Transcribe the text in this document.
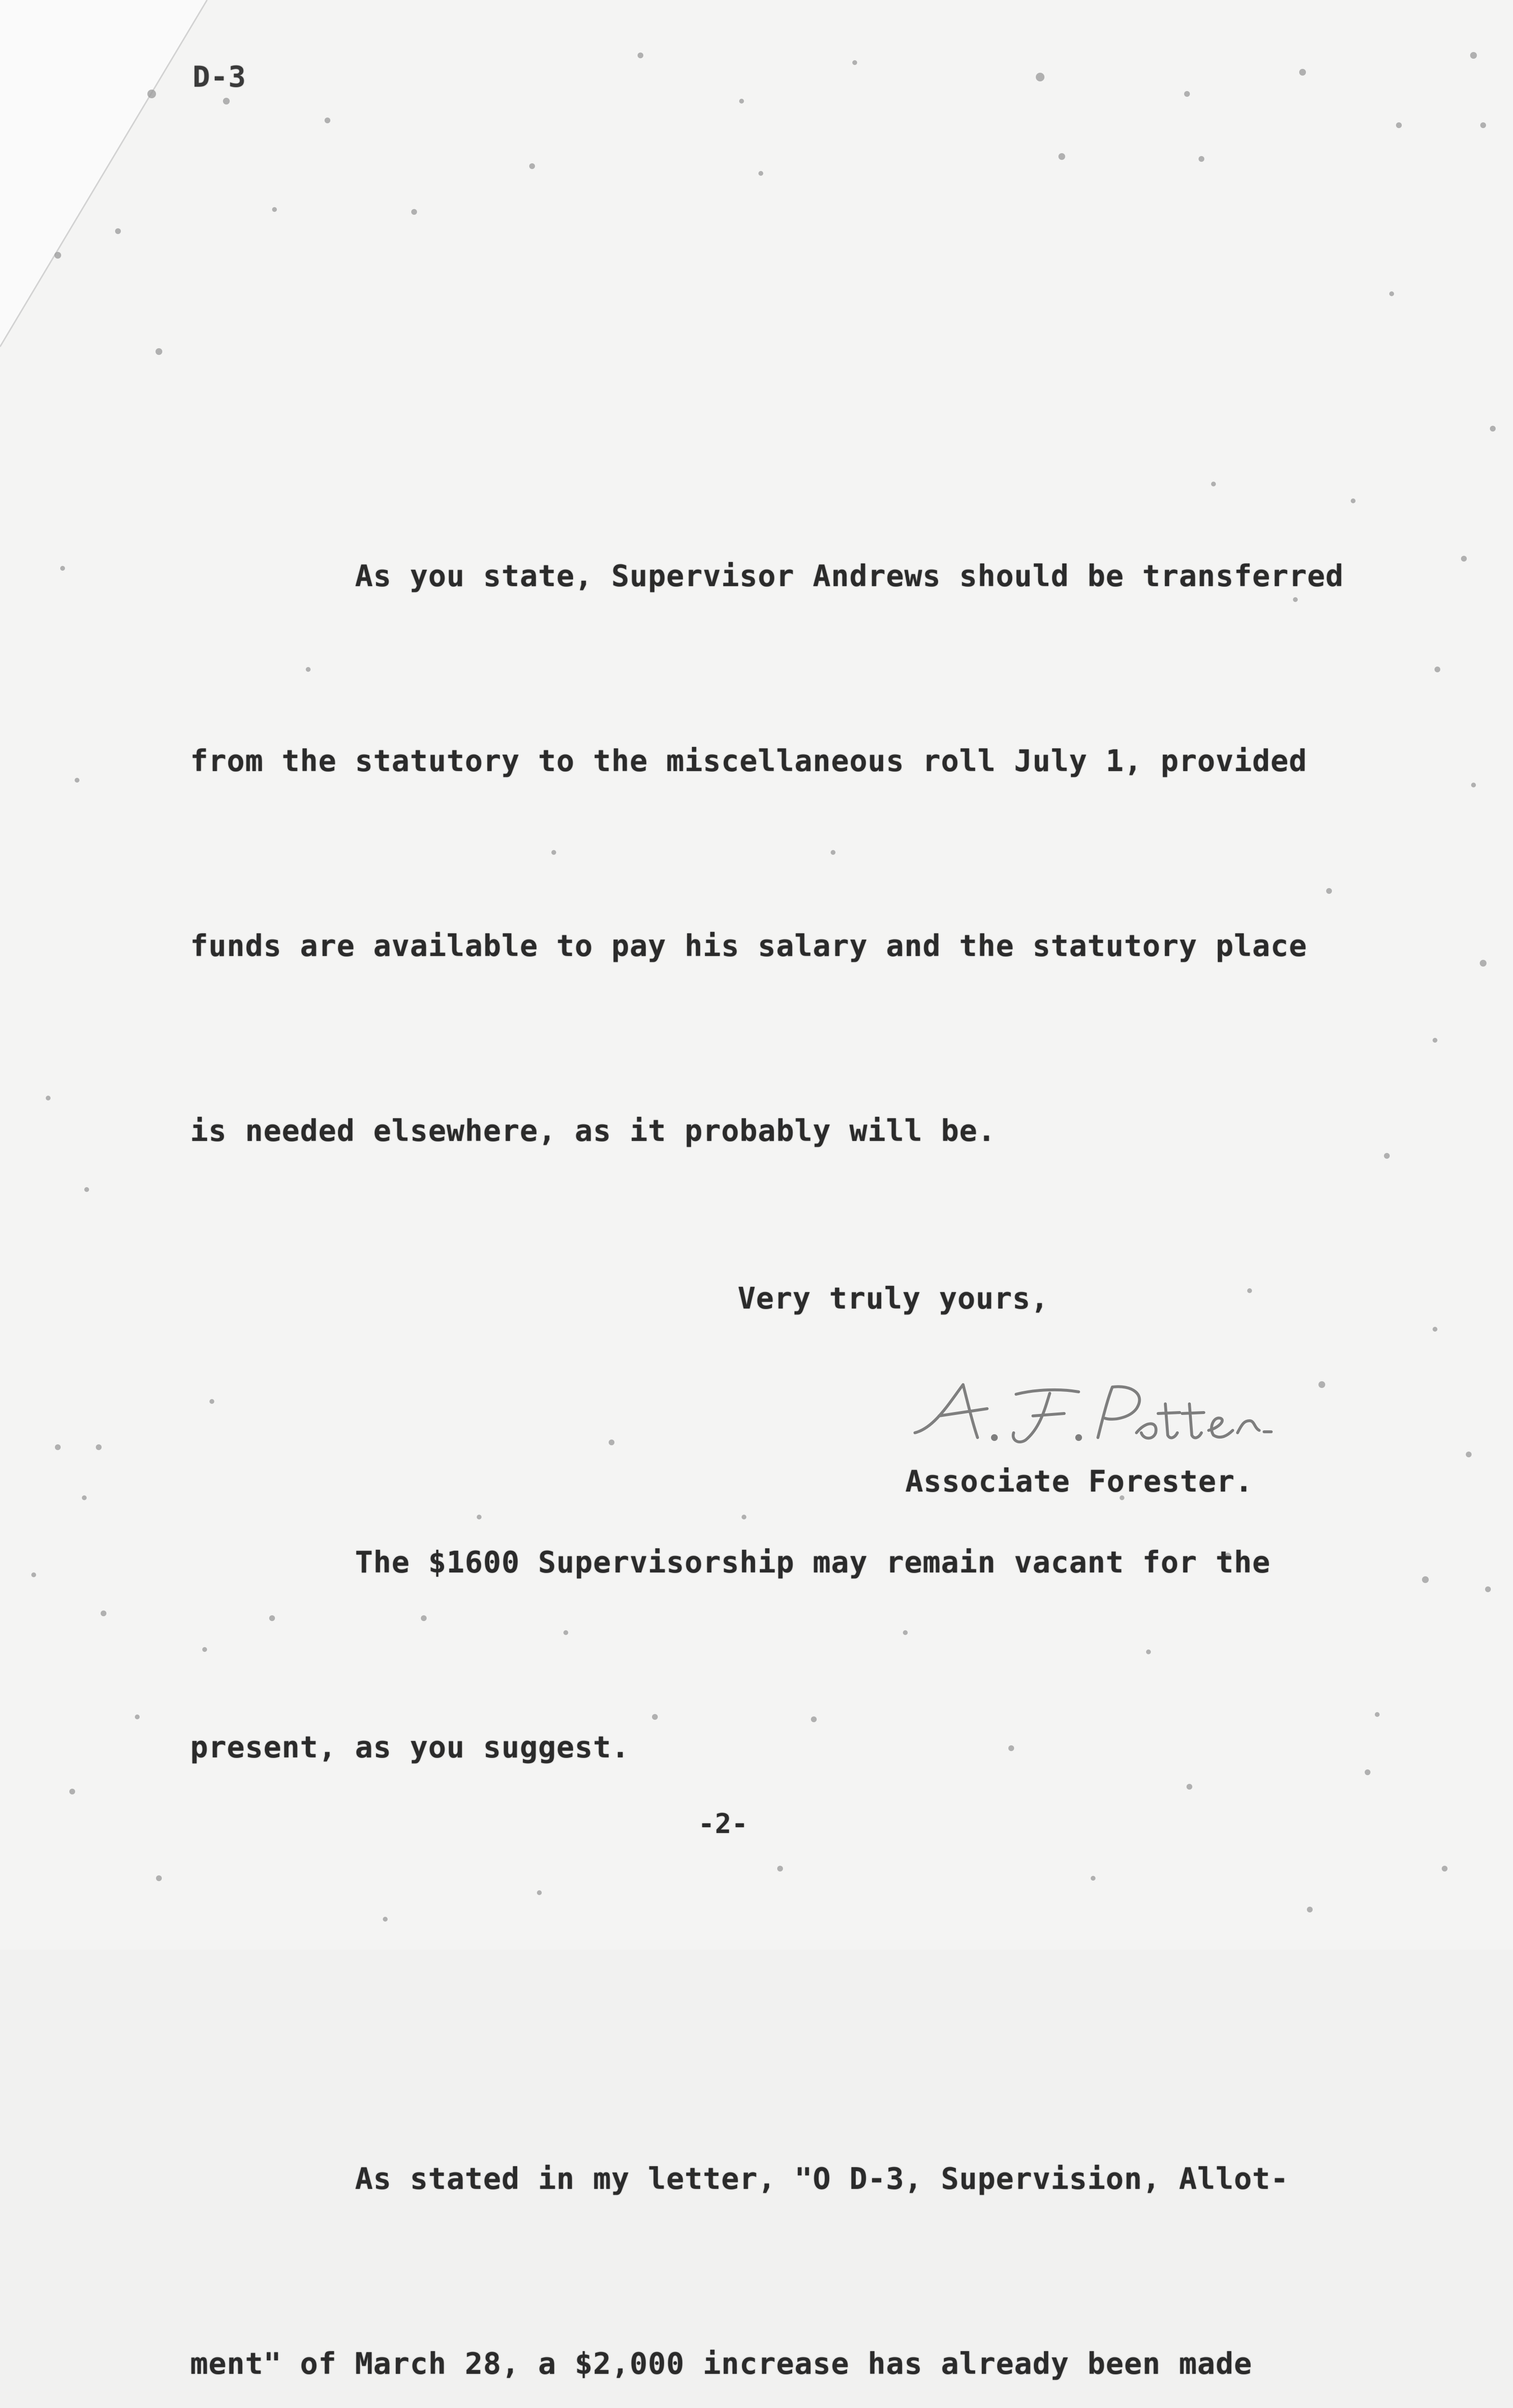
D-3

As you state, Supervisor Andrews should be transferred

from the statutory to the miscellaneous roll July 1, provided

funds are available to pay his salary and the statutory place

is needed elsewhere, as it probably will be.

The $1600 Supervisorship may remain vacant for the

present, as you suggest.

As stated in my letter, "O D-3, Supervision, Allot-

ment" of March 28, a $2,000 increase has already been made

Very truly yours,
Associate Forester.
-2-
